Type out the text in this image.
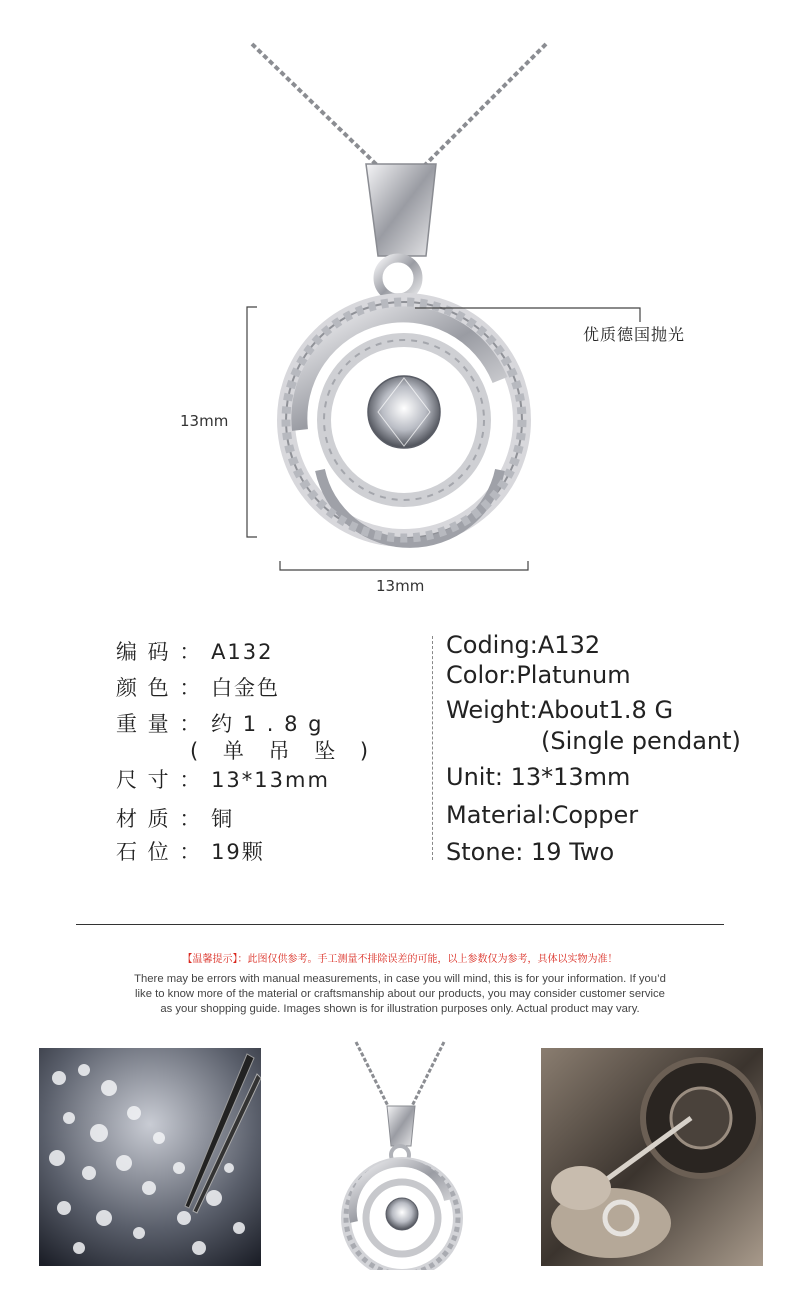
优质德国抛光
13mm
13mm
编 码 ： A132
颜 色 ： 白金色
重 量 ： 约 1 . 8 g
( 单 吊 坠 )
尺 寸 ： 13*13mm
材 质 ： 铜
石 位 ： 19颗
Coding:A132
Color:Platunum
Weight:About1.8 G
(Single pendant)
Unit: 13*13mm
Material:Copper
Stone: 19 Two
【温馨提示】：此图仅供参考。手工测量不排除误差的可能，以上参数仅为参考，具体以实物为准！
There may be errors with manual measurements, in case you will mind, this is for your information. If you’d
like to know more of the material or craftsmanship about our products, you may consider customer service
as your shopping guide. Images shown is for illustration purposes only. Actual product may vary.
